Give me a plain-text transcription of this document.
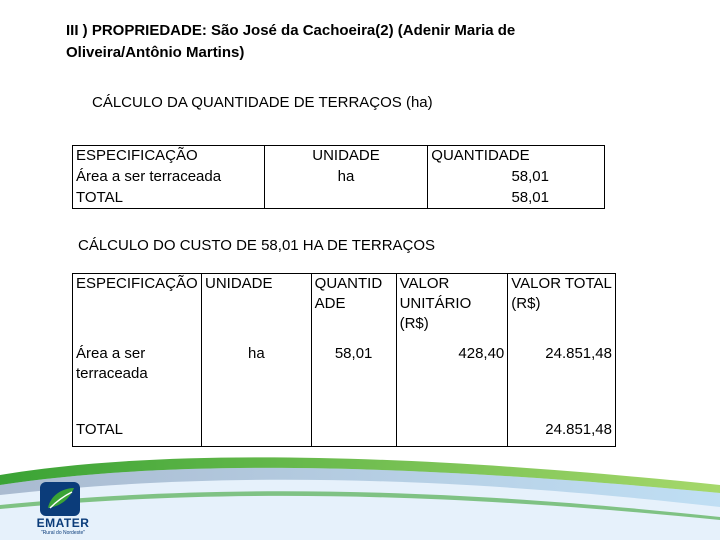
III ) PROPRIEDADE: São José da Cachoeira(2) (Adenir Maria de Oliveira/Antônio Martins)
CÁLCULO DA QUANTIDADE DE TERRAÇOS (ha)
ESPECIFICAÇÃO	UNIDADE	QUANTIDADE
Área a ser terraceada	ha	58,01
TOTAL		58,01
CÁLCULO DO CUSTO DE 58,01 HA DE TERRAÇOS
ESPECIFICAÇÃO	UNIDADE	QUANTID ADE	VALOR UNITÁRIO (R$)	VALOR TOTAL (R$)
Área a ser terraceada	ha	58,01	428,40	24.851,48
TOTAL				24.851,48
EMATER
"Rural do Nordeste"
